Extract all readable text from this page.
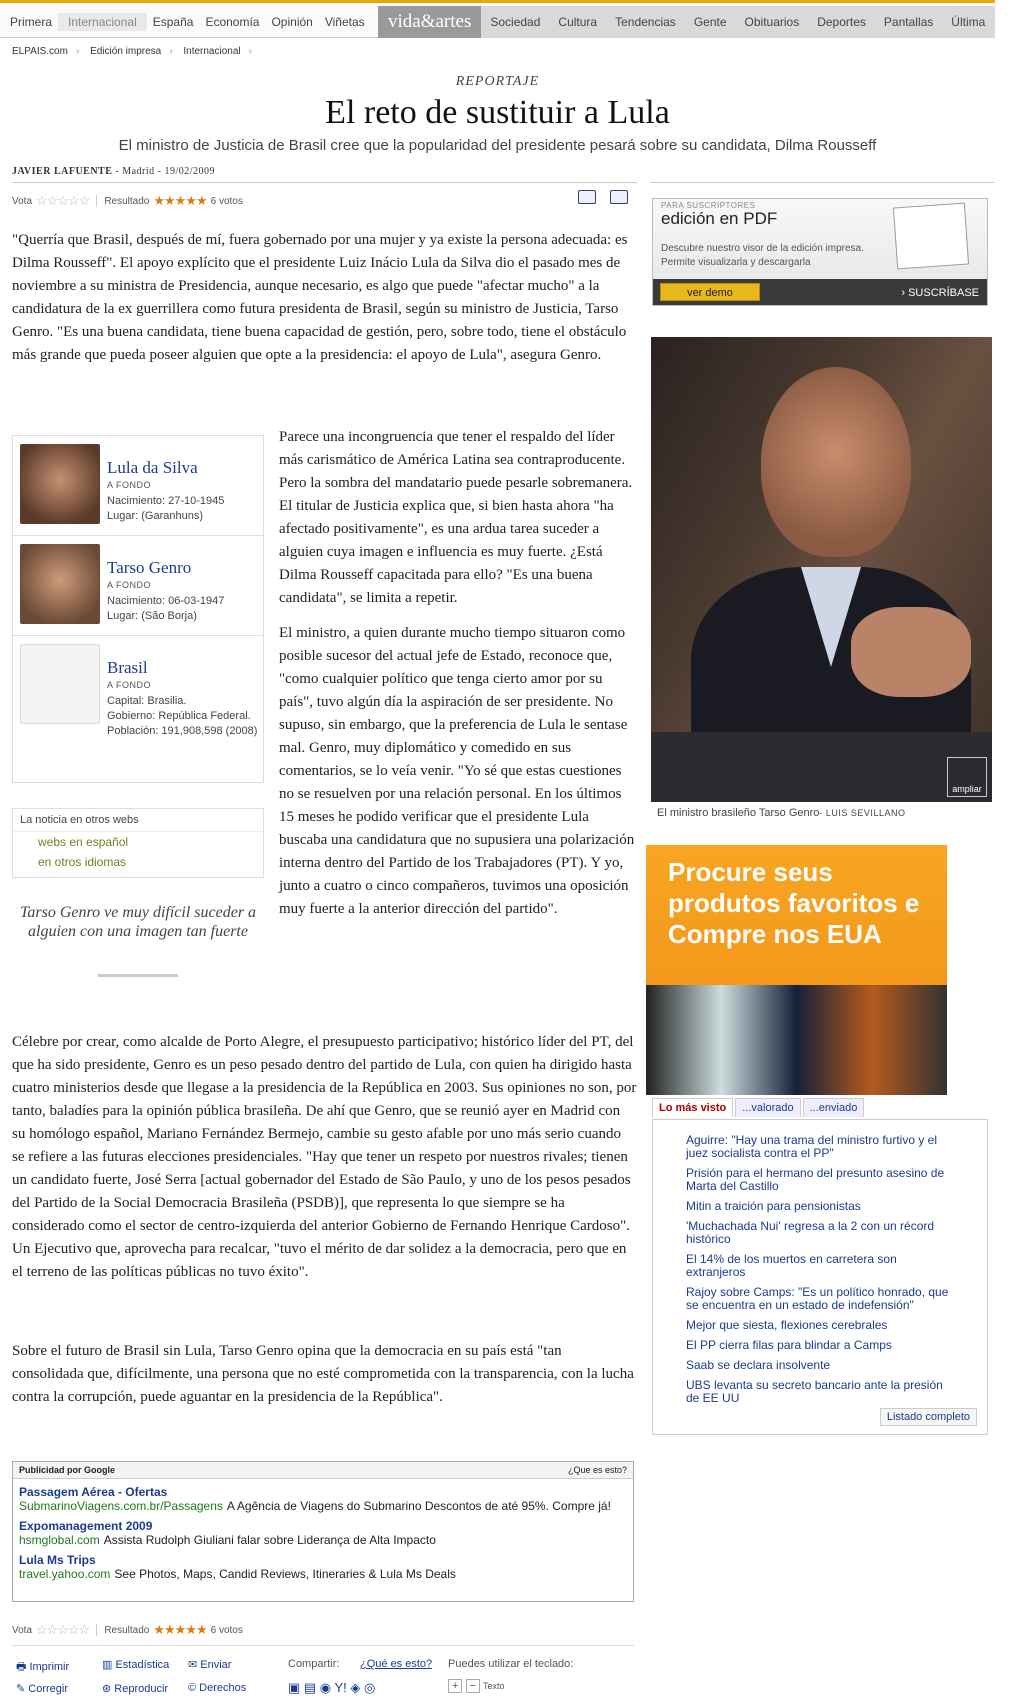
Primera	Internacional	España	Economía	Opinión	Viñetas	vida&artes	Sociedad	Cultura	Tendencias	Gente	Obituarios	Deportes	Pantallas	Última
ELPAIS.com › Edición impresa › Internacional ›
REPORTAJE
El reto de sustituir a Lula
El ministro de Justicia de Brasil cree que la popularidad del presidente pesará sobre su candidata, Dilma Rousseff
JAVIER LAFUENTE - Madrid - 19/02/2009
Vota ☆☆☆☆☆ Resultado ★★★★★ 6 votos
"Querría que Brasil, después de mí, fuera gobernado por una mujer y ya existe la persona adecuada: es Dilma Rousseff". El apoyo explícito que el presidente Luiz Inácio Lula da Silva dio el pasado mes de noviembre a su ministra de Presidencia, aunque necesario, es algo que puede "afectar mucho" a la candidatura de la ex guerrillera como futura presidenta de Brasil, según su ministro de Justicia, Tarso Genro. "Es una buena candidata, tiene buena capacidad de gestión, pero, sobre todo, tiene el obstáculo más grande que pueda poseer alguien que opte a la presidencia: el apoyo de Lula", asegura Genro.
Lula da Silva
A FONDO
Nacimiento: 27-10-1945
Lugar: (Garanhuns)
Tarso Genro
A FONDO
Nacimiento: 06-03-1947
Lugar: (São Borja)
Brasil
A FONDO
Capital: Brasilia.
Gobierno: República Federal.
Población: 191,908,598 (2008)
La noticia en otros webs
webs en español
en otros idiomas
Tarso Genro ve muy difícil suceder a alguien con una imagen tan fuerte

Parece una incongruencia que tener el respaldo del líder más carismático de América Latina sea contraproducente. Pero la sombra del mandatario puede pesarle sobremanera. El titular de Justicia explica que, si bien hasta ahora "ha afectado positivamente", es una ardua tarea suceder a alguien cuya imagen e influencia es muy fuerte. ¿Está Dilma Rousseff capacitada para ello? "Es una buena candidata", se limita a repetir.

El ministro, a quien durante mucho tiempo situaron como posible sucesor del actual jefe de Estado, reconoce que, "como cualquier político que tenga cierto amor por su país", tuvo algún día la aspiración de ser presidente. No supuso, sin embargo, que la preferencia de Lula le sentase mal. Genro, muy diplomático y comedido en sus comentarios, se lo veía venir. "Yo sé que estas cuestiones no se resuelven por una relación personal. En los últimos 15 meses he podido verificar que el presidente Lula buscaba una candidatura que no supusiera una polarización interna dentro del Partido de los Trabajadores (PT). Y yo, junto a cuatro o cinco compañeros, tuvimos una oposición muy fuerte a la anterior dirección del partido".

Célebre por crear, como alcalde de Porto Alegre, el presupuesto participativo; histórico líder del PT, del que ha sido presidente, Genro es un peso pesado dentro del partido de Lula, con quien ha dirigido hasta cuatro ministerios desde que llegase a la presidencia de la República en 2003. Sus opiniones no son, por tanto, baladíes para la opinión pública brasileña. De ahí que Genro, que se reunió ayer en Madrid con su homólogo español, Mariano Fernández Bermejo, cambie su gesto afable por uno más serio cuando se refiere a las futuras elecciones presidenciales. "Hay que tener un respeto por nuestros rivales; tienen un candidato fuerte, José Serra [actual gobernador del Estado de São Paulo, y uno de los pesos pesados del Partido de la Social Democracia Brasileña (PSDB)], que representa lo que siempre se ha considerado como el sector de centro-izquierda del anterior Gobierno de Fernando Henrique Cardoso". Un Ejecutivo que, aprovecha para recalcar, "tuvo el mérito de dar solidez a la democracia, pero que en el terreno de las políticas públicas no tuvo éxito".
Sobre el futuro de Brasil sin Lula, Tarso Genro opina que la democracia en su país está "tan consolidada que, difícilmente, una persona que no esté comprometida con la transparencia, con la lucha contra la corrupción, puede aguantar en la presidencia de la República".
PARA SUSCRIPTORES
edición en PDF
Descubre nuestro visor de la edición impresa. Permite visualizarla y descargarla
ver demo	› SUSCRÍBASE
ampliar
El ministro brasileño Tarso Genro- LUIS SEVILLANO
Procure seus produtos favoritos e Compre nos EUA
Lo más visto	...valorado	...enviado
Aguirre: "Hay una trama del ministro furtivo y el juez socialista contra el PP"
Prisión para el hermano del presunto asesino de Marta del Castillo
Mitin a traición para pensionistas
'Muchachada Nui' regresa a la 2 con un récord histórico
El 14% de los muertos en carretera son extranjeros
Rajoy sobre Camps: "Es un político honrado, que se encuentra en un estado de indefensión"
Mejor que siesta, flexiones cerebrales
El PP cierra filas para blindar a Camps
Saab se declara insolvente
UBS levanta su secreto bancario ante la presión de EE UU
Listado completo
Publicidad por Google	¿Que es esto?
Passagem Aérea - Ofertas
SubmarinoViagens.com.br/Passagens A Agência de Viagens do Submarino Descontos de até 95%. Compre já!
Expomanagement 2009
hsmglobal.com Assista Rudolph Giuliani falar sobre Liderança de Alta Impacto
Lula Ms Trips
travel.yahoo.com See Photos, Maps, Candid Reviews, Itineraries & Lula Ms Deals
Vota ☆☆☆☆☆ Resultado ★★★★★ 6 votos
🖶 Imprimir	▥ Estadística ✉ Enviar
✎ Corregir	⊛ Reproducir © Derechos
Compartir: ¿Qué es esto?
▣ ▤ ◉ Y! ◈ ◎
Puedes utilizar el teclado:
+ − Texto
